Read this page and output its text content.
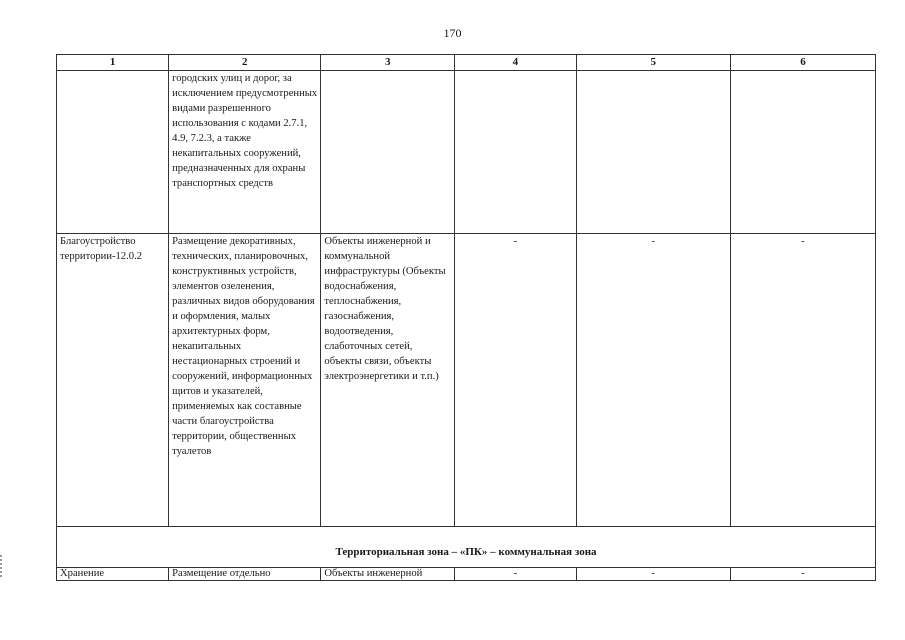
170
1	2	3	4	5	6
	городских улиц и дорог, за исключением предусмотренных видами разрешенного использования с кодами 2.7.1, 4.9, 7.2.3, а также некапитальных сооружений, предназначенных для охраны транспортных средств				
Благоустройство территории-12.0.2	Размещение декоративных, технических, планировочных, конструктивных устройств, элементов озеленения, различных видов оборудования и оформления, малых архитектурных форм, некапитальных нестационарных строений и сооружений, информационных щитов и указателей, применяемых как составные части благоустройства территории, общественных туалетов	Объекты инженерной и коммунальной инфраструктуры (Объекты водоснабжения, теплоснабжения, газоснабжения, водоотведения, слаботочных сетей, объекты связи, объекты электроэнергетики и т.п.)	-	-	-
Территориальная зона – «ПК» – коммунальная зона					
Хранение	Размещение отдельно	Объекты инженерной	-	-	-
